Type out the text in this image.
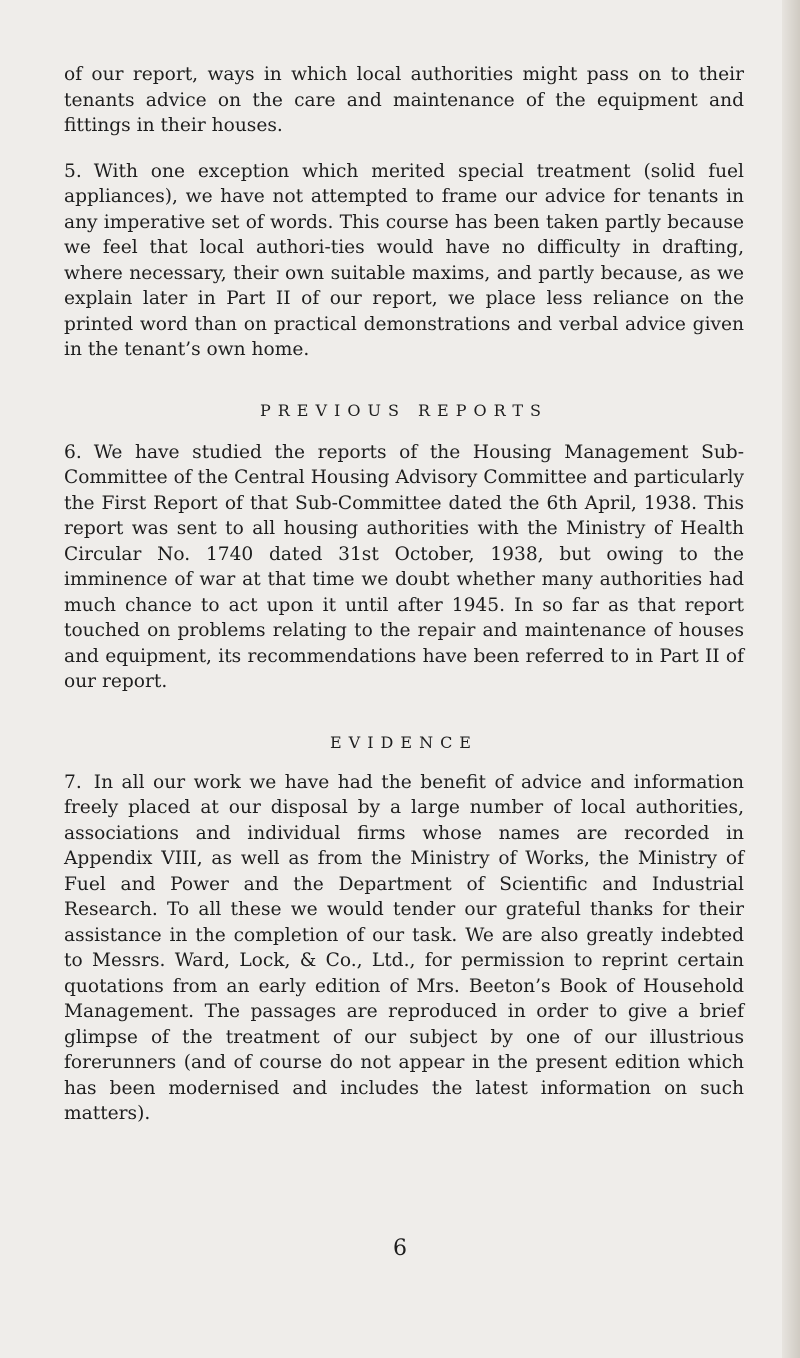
of our report, ways in which local authorities might pass on to their tenants advice on the care and maintenance of the equipment and fittings in their houses.

5. With one exception which merited special treatment (solid fuel appliances), we have not attempted to frame our advice for tenants in any imperative set of words. This course has been taken partly because we feel that local authori-ties would have no difficulty in drafting, where necessary, their own suitable maxims, and partly because, as we explain later in Part II of our report, we place less reliance on the printed word than on practical demonstrations and verbal advice given in the tenant’s own home.

PREVIOUS REPORTS

6. We have studied the reports of the Housing Management Sub-Committee of the Central Housing Advisory Committee and particularly the First Report of that Sub-Committee dated the 6th April, 1938. This report was sent to all housing authorities with the Ministry of Health Circular No. 1740 dated 31st October, 1938, but owing to the imminence of war at that time we doubt whether many authorities had much chance to act upon it until after 1945. In so far as that report touched on problems relating to the repair and maintenance of houses and equipment, its recommendations have been referred to in Part II of our report.

EVIDENCE

7. In all our work we have had the benefit of advice and information freely placed at our disposal by a large number of local authorities, associations and individual firms whose names are recorded in Appendix VIII, as well as from the Ministry of Works, the Ministry of Fuel and Power and the Department of Scientific and Industrial Research. To all these we would tender our grateful thanks for their assistance in the completion of our task. We are also greatly indebted to Messrs. Ward, Lock, & Co., Ltd., for permission to reprint certain quotations from an early edition of Mrs. Beeton’s Book of Household Management. The passages are reproduced in order to give a brief glimpse of the treatment of our subject by one of our illustrious forerunners (and of course do not appear in the present edition which has been modernised and includes the latest information on such matters).

6
